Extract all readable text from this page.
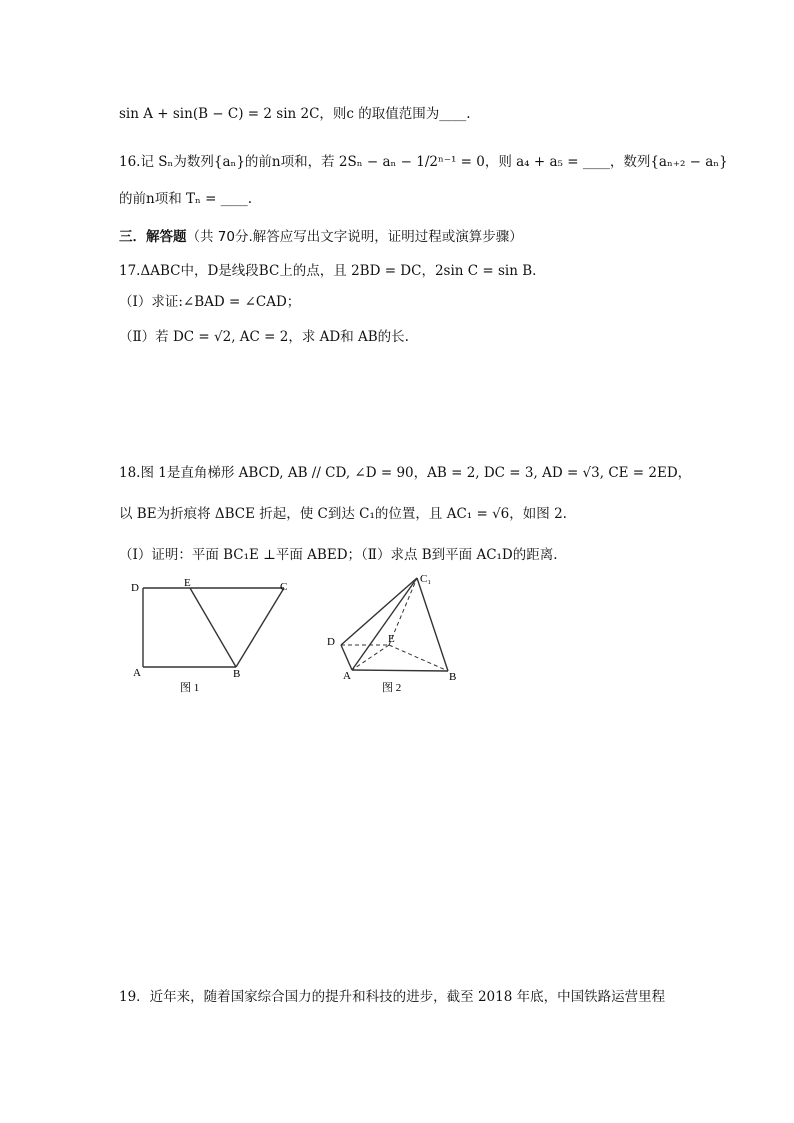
sin A + sin(B − C) = 2 sin 2C，则c 的取值范围为____.
16.记 Sₙ为数列{aₙ}的前n项和，若 2Sₙ − aₙ − 1/2ⁿ⁻¹ = 0，则 a₄ + a₅ = ____，数列{aₙ₊₂ − aₙ}
的前n项和 Tₙ = ____.
三．解答题（共 70分.解答应写出文字说明，证明过程或演算步骤）
17.ΔABC中，D是线段BC上的点，且 2BD = DC，2sin C = sin B.
（Ⅰ）求证:∠BAD = ∠CAD；
（Ⅱ）若 DC = √2, AC = 2，求 AD和 AB的长.
18.图 1是直角梯形 ABCD, AB // CD, ∠D = 90，AB = 2, DC = 3, AD = √3, CE = 2ED，
以 BE为折痕将 ΔBCE 折起，使 C到达 C₁的位置，且 AC₁ = √6，如图 2.
（Ⅰ）证明：平面 BC₁E ⊥平面 ABED；（Ⅱ）求点 B到平面 AC₁D的距离.
D	E	C
A	B
图 1
C₁
D	E
A	B
图 2
19．近年来，随着国家综合国力的提升和科技的进步，截至 2018 年底，中国铁路运营里程
